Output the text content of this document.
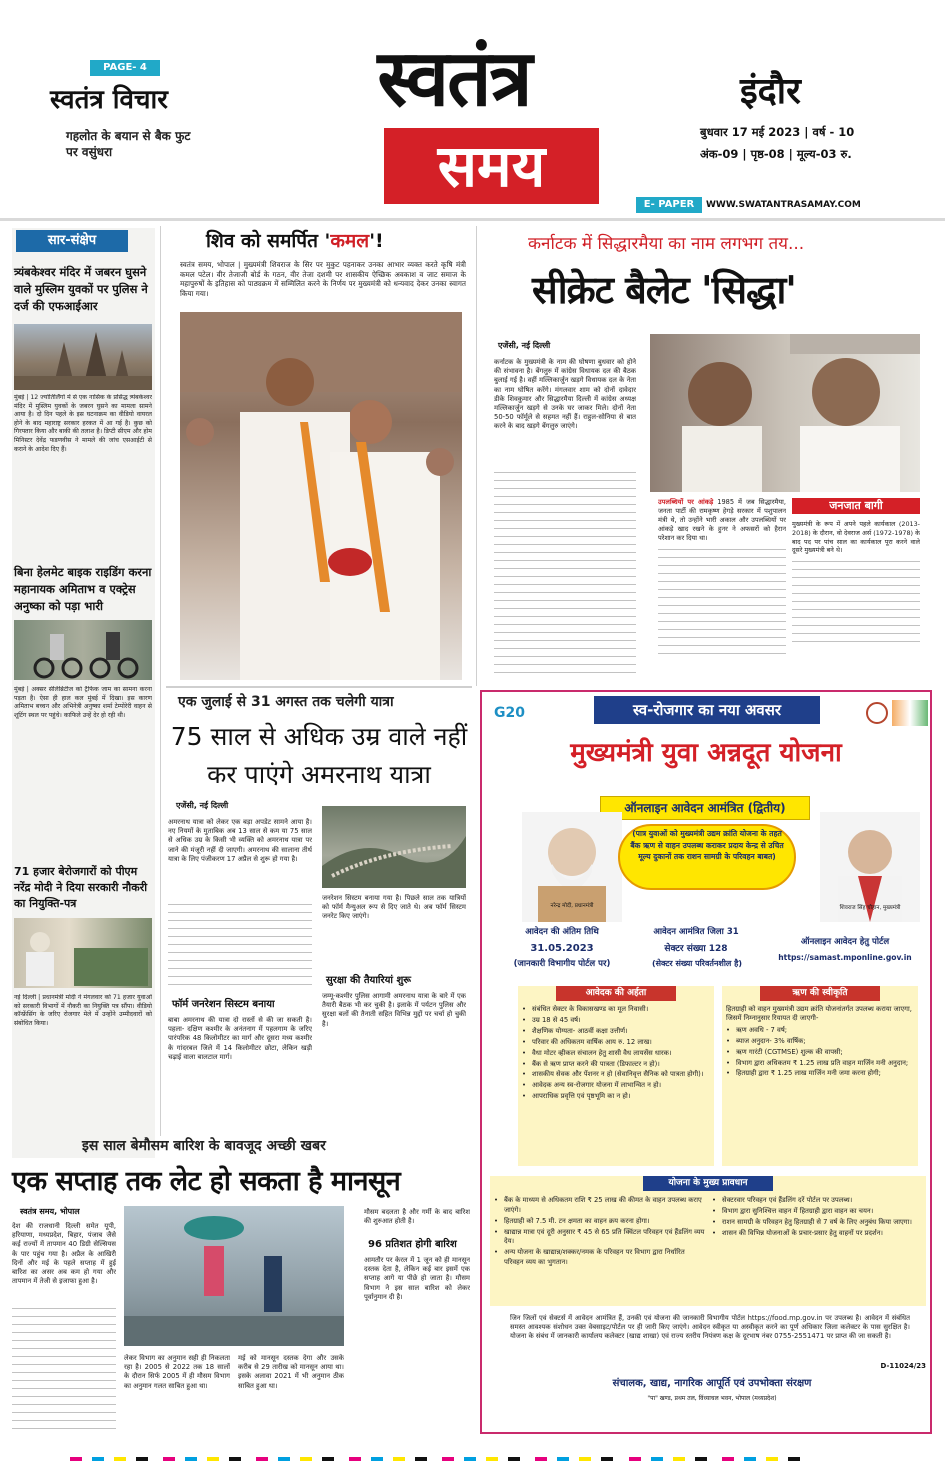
PAGE- 4
स्वतंत्र विचार
गहलोत के बयान से बैक फुट पर वसुंधरा
स्वतंत्र
समय
इंदौर
बुधवार 17 मई 2023 | वर्ष - 10
अंक-09 | पृष्ठ-08 | मूल्य-03 रु.
E- PAPER	WWW.SWATANTRASAMAY.COM
सार-संक्षेप
त्र्यंबकेश्वर मंदिर में जबरन घुसने वाले मुस्लिम युवकों पर पुलिस ने दर्ज की एफआईआर
मुंबई | 12 ज्योतिर्लिंगों में से एक नासिक के प्रसिद्ध त्र्यंबकेश्वर मंदिर में मुस्लिम युवकों के जबरन घुसने का मामला सामने आया है। दो दिन पहले के इस घटनाक्रम का वीडियो वायरल होने के बाद महाराष्ट्र सरकार हरकत में आ गई है। कुछ को गिरफ्तार किया और बाकी की तलाश है। डिप्टी सीएम और होम मिनिस्टर देवेंद्र फडणवीस ने मामले की जांच एसआईटी से कराने के आदेश दिए हैं।
बिना हेलमेट बाइक राइडिंग करना महानायक अमिताभ व एक्ट्रेस अनुष्का को पड़ा भारी
मुंबई | अक्सर सेलिब्रिटीज को ट्रैफिक जाम का सामना करना पड़ता है। ऐसा ही हाल कल मुंबई में दिखा। इस कारण अमिताभ बच्चन और अभिनेत्री अनुष्का शर्मा टेम्पोरेरी वाहन से शूटिंग स्थल पर पहुंचे। काफिले उन्हें देर हो रही थी।
71 हजार बेरोजगारों को पीएम नरेंद्र मोदी ने दिया सरकारी नौकरी का नियुक्ति-पत्र
नई दिल्ली | प्रधानमंत्री मोदी ने मंगलवार को 71 हजार युवाओं को सरकारी विभागों में नौकरी का नियुक्ति पत्र सौंपा। वीडियो कॉन्फ्रेंसिंग के जरिए रोजगार मेले में उन्होंने उम्मीदवारों को संबोधित किया।
शिव को समर्पित 'कमल'!
स्वतंत्र समय, भोपाल | मुख्यमंत्री शिवराज के सिर पर मुकुट पहनाकर उनका आभार व्यक्त करते कृषि मंत्री कमल पटेल। वीर तेजाजी बोर्ड के गठन, वीर तेजा दशमी पर शासकीय ऐच्छिक अवकाश व जाट समाज के महापुरुषों के इतिहास को पाठ्यक्रम में सम्मिलित करने के निर्णय पर मुख्यमंत्री को धन्यवाद देकर उनका स्वागत किया गया।
कर्नाटक में सिद्धारमैया का नाम लगभग तय...
सीक्रेट बैलेट 'सिद्धा'
एजेंसी, नई दिल्ली
कर्नाटक के मुख्यमंत्री के नाम की घोषणा बुधवार को होने की संभावना है। बेंगलुरु में कांग्रेस विधायक दल की बैठक बुलाई गई है। वहीं मल्लिकार्जुन खड़गे विधायक दल के नेता का नाम घोषित करेंगे। मंगलवार शाम को दोनों दावेदार डीके शिवकुमार और सिद्धारमैया दिल्ली में कांग्रेस अध्यक्ष मल्लिकार्जुन खड़गे से उनके घर जाकर मिले। दोनों नेता 50-50 फॉर्मूले से सहमत नहीं हैं। राहुल-सोनिया से बात करने के बाद खड़गे बेंगलुरु जाएंगे।
उपलब्धियों पर आंकड़े 1985 में जब सिद्धारमैया, जनता पार्टी की रामकृष्ण हेगड़े सरकार में पशुपालन मंत्री थे, तो उन्होंने भारी अकाल और उपलब्धियों पर आंकड़े खाद रखने के हुनर ने अफसरों को हैरान परेशान कर दिया था।
जनजात बागी
मुख्यमंत्री के रूप में अपने पहले कार्यकाल (2013-2018) के दौरान, वो देवराज अर्स (1972-1978) के बाद पद पर पांच साल का कार्यकाल पूरा करने वाले दूसरे मुख्यमंत्री बने थे।
एक जुलाई से 31 अगस्त तक चलेगी यात्रा
75 साल से अधिक उम्र वाले नहीं कर पाएंगे अमरनाथ यात्रा
एजेंसी, नई दिल्ली
अमरनाथ यात्रा को लेकर एक बड़ा अपडेट सामने आया है। नए नियमों के मुताबिक अब 13 साल से कम या 75 साल से अधिक उम्र के किसी भी व्यक्ति को अमरनाथ यात्रा पर जाने की मंजूरी नहीं दी जाएगी। अमरनाथ की सालाना तीर्थ यात्रा के लिए पंजीकरण 17 अप्रैल से शुरू हो गया है।
फॉर्म जनरेशन सिस्टम बनाया
बाबा अमरनाथ की यात्रा दो रास्तों से की जा सकती है। पहला- दक्षिण कश्मीर के अनंतनाग में पहलगाम के जरिए पारंपरिक 48 किलोमीटर का मार्ग और दूसरा मध्य कश्मीर के गांदरबल जिले में 14 किलोमीटर छोटा, लेकिन खड़ी चढ़ाई वाला बालटाल मार्ग।
जनरेशन सिस्टम बनाया गया है। पिछले साल तक यात्रियों को फॉर्म मैन्युअल रूप से दिए जाते थे। अब फॉर्म सिस्टम जनरेट किए जाएंगे।
सुरक्षा की तैयारियां शुरू
जम्मू-कश्मीर पुलिस आगामी अमरनाथ यात्रा के बारे में एक तैयारी बैठक भी कर चुकी है। इलाके में पर्यटन पुलिस और सुरक्षा बलों की तैनाती सहित विभिन्न मुद्दों पर चर्चा हो चुकी है।
इस साल बेमौसम बारिश के बावजूद अच्छी खबर
एक सप्ताह तक लेट हो सकता है मानसून
स्वतंत्र समय, भोपाल
देश की राजधानी दिल्ली समेत यूपी, हरियाणा, मध्यप्रदेश, बिहार, पंजाब जैसे कई राज्यों में तापमान 40 डिग्री सेल्सियस के पार पहुंच गया है। अप्रैल के आखिरी दिनों और मई के पहले सप्ताह में हुई बारिश का असर अब कम हो गया और तापमान में तेजी से इजाफा हुआ है।
लेकर विभाग का अनुमान सही ही निकलता रहा है। 2005 से 2022 तक 18 सालों के दौरान सिर्फ 2005 में ही मौसम विभाग का अनुमान गलत साबित हुआ था।
मई को मानसून दस्तक देगा और उसके करीब से 29 तारीख को मानसून आया था। इसके अलावा 2021 में भी अनुमान ठीक साबित हुआ था।
मौसम बदलता है और गर्मी के बाद बारिश की शुरुआत होती है।
96 प्रतिशत होगी बारिश
आमतौर पर केरल में 1 जून को ही मानसून दस्तक देता है, लेकिन कई बार इसमें एक सप्ताह आगे या पीछे हो जाता है। मौसम विभाग ने इस साल बारिश को लेकर पूर्वानुमान दी है।
स्व-रोजगार का नया अवसर
G20
मुख्यमंत्री युवा अन्नदूत योजना
ऑनलाइन आवेदन आमंत्रित (द्वितीय)
नरेन्द्र मोदी, प्रधानमंत्री
(पात्र युवाओं को मुख्यमंत्री उद्यम क्रांति योजना के तहत बैंक ऋण से वाहन उपलब्ध कराकर प्रदाय केन्द्र से उचित मूल्य दुकानों तक राशन सामग्री के परिवहन बाबत)
शिवराज सिंह चौहान, मुख्यमंत्री
आवेदन की अंतिम तिथि
31.05.2023
(जानकारी विभागीय पोर्टल पर)
आवेदन आमंत्रित जिला 31
सेक्टर संख्या 128
(सेक्टर संख्या परिवर्तनशील है)
ऑनलाइन आवेदन हेतु पोर्टल
https://samast.mponline.gov.in
आवेदक की अर्हता
• संबंधित सेक्टर के विकासखण्ड का मूल निवासी।
• उम्र 18 से 45 वर्ष।
• शैक्षणिक योग्यता- आठवीं कक्षा उत्तीर्ण।
• परिवार की अधिकतम वार्षिक आय रु. 12 लाख।
• वैधा मोटर व्हीकल संचालन हेतु शासी वैध लायसेंस धारक।
• बैंक से ऋण प्राप्त करने की पात्रता (डिफाल्टर न हो)।
• शासकीय सेवक और पेंशनर न हो (सेवानिवृत्त सैनिक को पात्रता होगी)।
• आवेदक अन्य स्व-रोजगार योजना में लाभान्वित न हो।
• आपराधिक प्रवृत्ति एवं पृष्ठभूमि का न हो।
ऋण की स्वीकृति
हितग्राही को वाहन मुख्यमंत्री उद्यम क्रांति योजनांतर्गत उपलब्ध कराया जाएगा, जिसमें निम्नानुसार रियायत दी जाएगी-
• ऋण अवधि - 7 वर्ष;
• ब्याज अनुदान- 3% वार्षिक;
• ऋण गारंटी (CGTMSE) शुल्क की वापसी;
• विभाग द्वारा अधिकतम ₹ 1.25 लाख प्रति वाहन मार्जिन मनी अनुदान;
• हितग्राही द्वारा ₹ 1.25 लाख मार्जिन मनी जमा करना होगी;
योजना के मुख्य प्रावधान
• बैंक के माध्यम से अधिकतम राशि ₹ 25 लाख की कीमत के वाहन उपलब्ध कराए जाएंगे।
• हितग्राही को 7.5 मी. टन क्षमता का वाहन क्रय करना होगा।
• खाद्यान्न मात्रा एवं दूरी अनुसार ₹ 45 से 65 प्रति क्विंटल परिवहन एवं हैंडलिंग व्यय देय।
• अन्य योजना के खाद्यान्न/शक्कर/नमक के परिवहन पर विभाग द्वारा निर्धारित परिवहन व्यय का भुगतान।
• सेक्टरवार परिवहन एवं हैंडलिंग दरें पोर्टल पर उपलब्ध।
• विभाग द्वारा सुनिश्चित्त वाहन में हितग्राही द्वारा वाहन का चयन।
• राशन सामग्री के परिवहन हेतु हितग्राही से 7 वर्ष के लिए अनुबंध किया जाएगा।
• शासन की विभिन्न योजनाओं के प्रचार-प्रसार हेतु वाहनों पर प्रदर्शन।
जिन जिलों एवं सेक्टर्स में आवेदन आमंत्रित हैं, उनकी एवं योजना की जानकारी विभागीय पोर्टल https://food.mp.gov.in पर उपलब्ध है। आवेदन में संबंधित समस्त आवश्यक संशोधन उक्त वेबसाइट/पोर्टल पर ही जारी किए जाएंगे। आवेदन स्वीकृत या अस्वीकृत करने का पूर्ण अधिकार जिला कलेक्टर के पास सुरक्षित है। योजना के संबंध में जानकारी कार्यालय कलेक्टर (खाद्य शाखा) एवं राज्य स्तरीय नियंत्रण कक्ष के दूरभाष नंबर 0755-2551471 पर प्राप्त की जा सकती है।
संचालक, खाद्य, नागरिक आपूर्ति एवं उपभोक्ता संरक्षण
"पा" खण्ड, प्रथम तल, विंध्याचल भवन, भोपाल (मध्यप्रदेश)
D-11024/23
